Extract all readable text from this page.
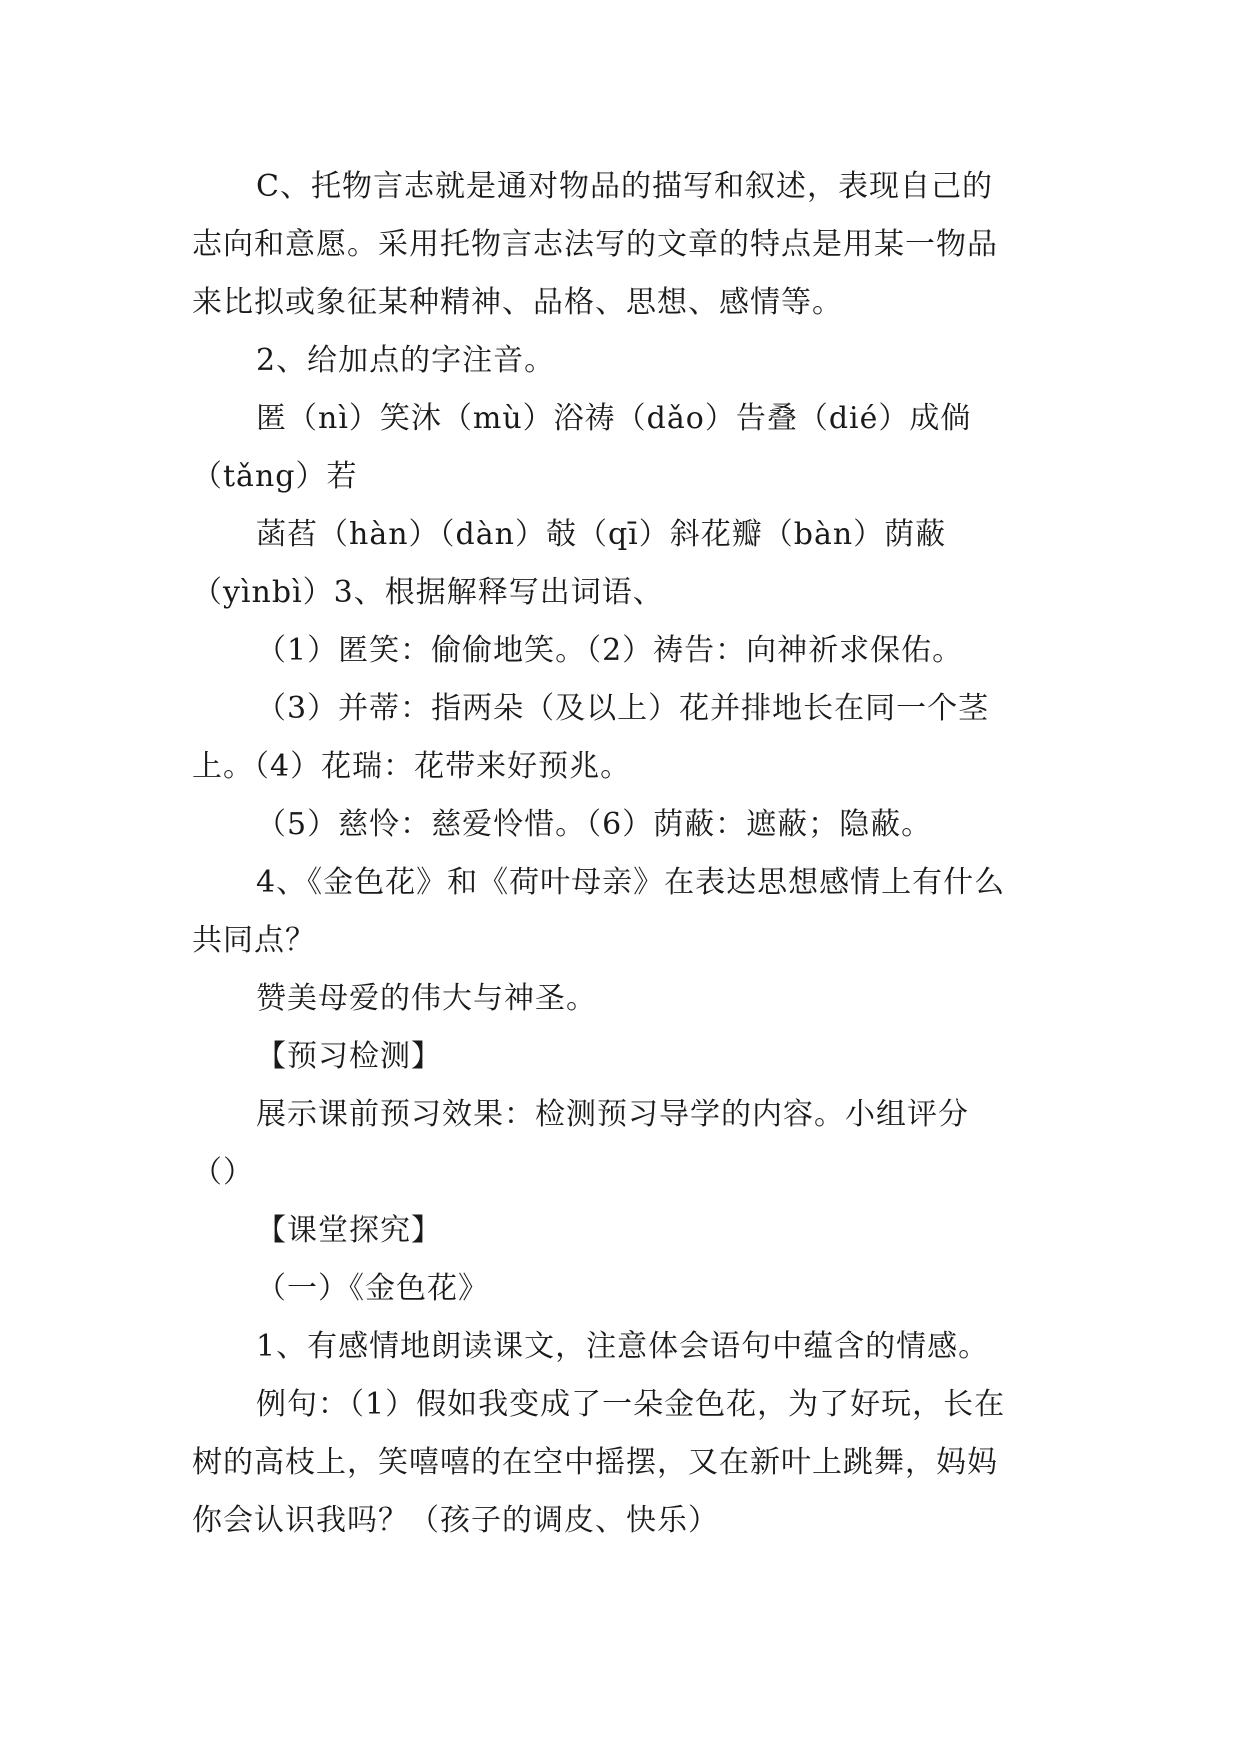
C、托物言志就是通对物品的描写和叙述，表现自己的
志向和意愿。采用托物言志法写的文章的特点是用某一物品
来比拟或象征某种精神、品格、思想、感情等。
2、给加点的字注音。
匿（nì）笑沐（mù）浴祷（dǎo）告叠（dié）成倘
（tǎng）若
菡萏（hàn）（dàn）攲（qī）斜花瓣（bàn）荫蔽
（yìnbì）3、根据解释写出词语、
（1）匿笑：偷偷地笑。（2）祷告：向神祈求保佑。
（3）并蒂：指两朵（及以上）花并排地长在同一个茎
上。（4）花瑞：花带来好预兆。
（5）慈怜：慈爱怜惜。（6）荫蔽：遮蔽；隐蔽。
4、《金色花》和《荷叶母亲》在表达思想感情上有什么
共同点？
赞美母爱的伟大与神圣。
【预习检测】
展示课前预习效果：检测预习导学的内容。小组评分
（）
【课堂探究】
（一）《金色花》
1、有感情地朗读课文，注意体会语句中蕴含的情感。
例句：（1）假如我变成了一朵金色花，为了好玩，长在
树的高枝上，笑嘻嘻的在空中摇摆，又在新叶上跳舞，妈妈
你会认识我吗？（孩子的调皮、快乐）
